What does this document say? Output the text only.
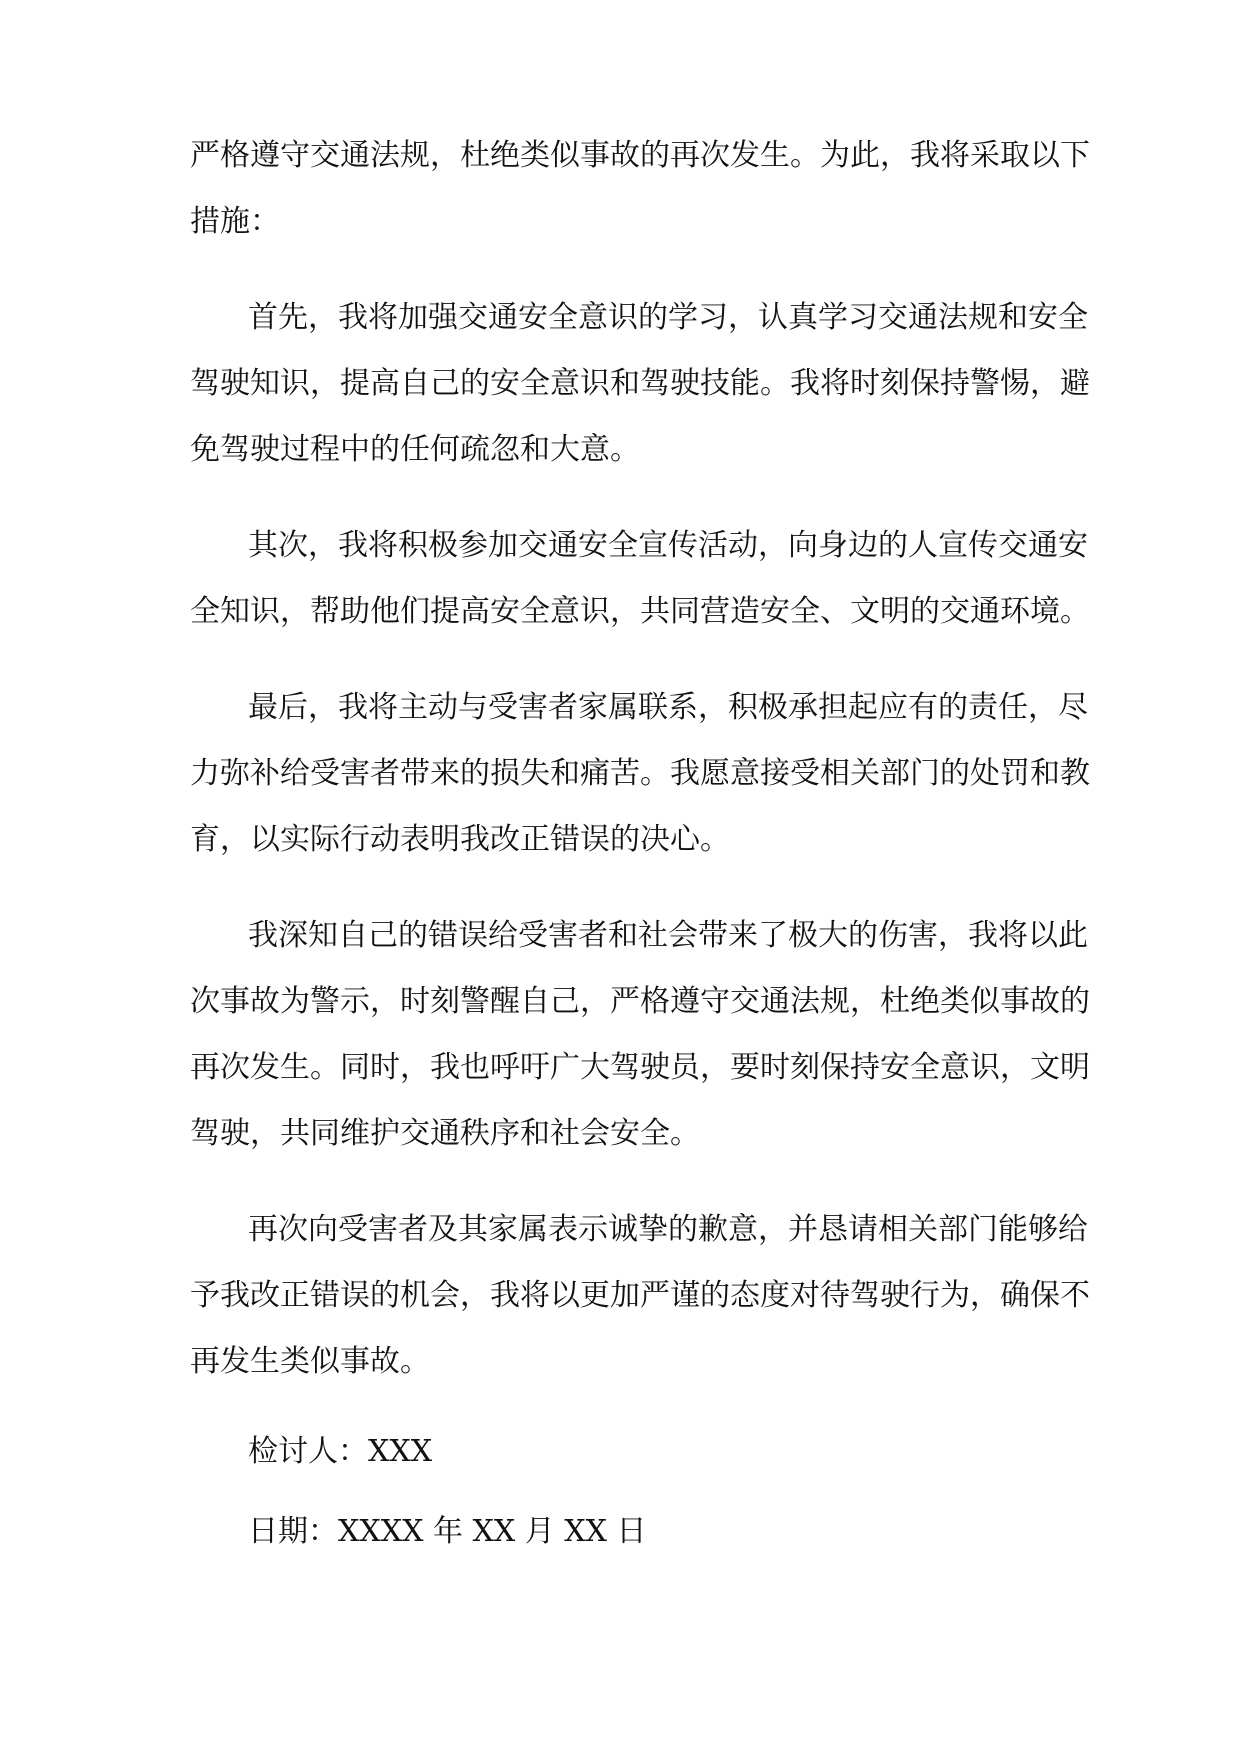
严格遵守交通法规，杜绝类似事故的再次发生。为此，我将采取以下
措施：
首先，我将加强交通安全意识的学习，认真学习交通法规和安全
驾驶知识，提高自己的安全意识和驾驶技能。我将时刻保持警惕，避
免驾驶过程中的任何疏忽和大意。
其次，我将积极参加交通安全宣传活动，向身边的人宣传交通安
全知识，帮助他们提高安全意识，共同营造安全、文明的交通环境。
最后，我将主动与受害者家属联系，积极承担起应有的责任，尽
力弥补给受害者带来的损失和痛苦。我愿意接受相关部门的处罚和教
育，以实际行动表明我改正错误的决心。
我深知自己的错误给受害者和社会带来了极大的伤害，我将以此
次事故为警示，时刻警醒自己，严格遵守交通法规，杜绝类似事故的
再次发生。同时，我也呼吁广大驾驶员，要时刻保持安全意识，文明
驾驶，共同维护交通秩序和社会安全。
再次向受害者及其家属表示诚挚的歉意，并恳请相关部门能够给
予我改正错误的机会，我将以更加严谨的态度对待驾驶行为，确保不
再发生类似事故。
检讨人：XXX
日期：XXXX 年 XX 月 XX 日
